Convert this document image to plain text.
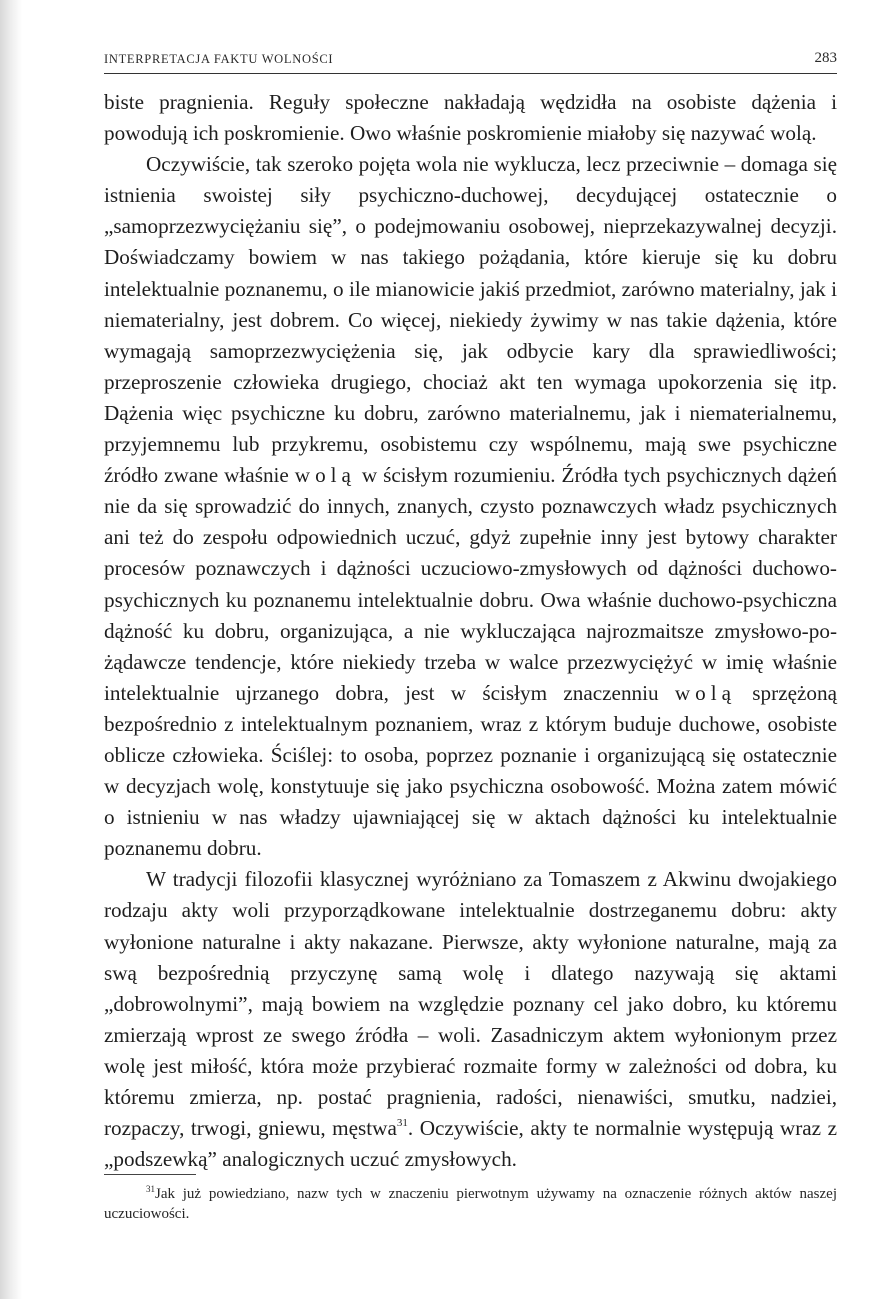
INTERPRETACJA FAKTU WOLNOŚCI	283

biste pragnienia. Reguły społeczne nakładają wędzidła na osobiste dążenia i powodują ich poskromienie. Owo właśnie poskromienie miałoby się nazywać wolą.

Oczywiście, tak szeroko pojęta wola nie wyklucza, lecz przeciwnie – domaga się istnienia swoistej siły psychiczno-duchowej, decydującej ostatecznie o „samoprzezwyciężaniu się”, o podejmowaniu osobowej, nieprzekazywalnej decyzji. Doświadczamy bowiem w nas takiego pożądania, które kieruje się ku dobru intelektualnie poznanemu, o ile mianowicie jakiś przedmiot, zarówno materialny, jak i niematerialny, jest dobrem. Co więcej, niekiedy żywimy w nas takie dążenia, które wymagają samoprzezwyciężenia się, jak odbycie kary dla sprawiedliwości; przeproszenie człowieka drugiego, chociaż akt ten wymaga upokorzenia się itp. Dążenia więc psychiczne ku dobru, zarówno materialnemu, jak i niematerialnemu, przyjemnemu lub przykremu, osobistemu czy wspólnemu, mają swe psychiczne źródło zwane właśnie wolą w ścisłym rozumieniu. Źródła tych psychicznych dążeń nie da się sprowadzić do innych, znanych, czysto poznawczych władz psychicznych ani też do zespołu odpowiednich uczuć, gdyż zupełnie inny jest bytowy charakter procesów poznawczych i dążności uczuciowo-zmysłowych od dążności duchowo-psychicznych ku poznanemu intelektualnie dobru. Owa właśnie duchowo-psychiczna dążność ku dobru, organizująca, a nie wykluczająca najrozmaitsze zmysłowo-pożądawcze tendencje, które niekiedy trzeba w walce przezwyciężyć w imię właśnie intelektualnie ujrzanego dobra, jest w ścisłym znaczenniu wolą sprzężoną bezpośrednio z intelektualnym poznaniem, wraz z którym buduje duchowe, osobiste oblicze człowieka. Ściślej: to osoba, poprzez poznanie i organizującą się ostatecznie w decyzjach wolę, konstytuuje się jako psychiczna osobowość. Można zatem mówić o istnieniu w nas władzy ujawniającej się w aktach dążności ku intelektualnie poznanemu dobru.

W tradycji filozofii klasycznej wyróżniano za Tomaszem z Akwinu dwojakiego rodzaju akty woli przyporządkowane intelektualnie dostrzeganemu dobru: akty wyłonione naturalne i akty nakazane. Pierwsze, akty wyłonione naturalne, mają za swą bezpośrednią przyczynę samą wolę i dlatego nazywają się aktami „dobrowolnymi”, mają bowiem na względzie poznany cel jako dobro, ku któremu zmierzają wprost ze swego źródła – woli. Zasadniczym aktem wyłonionym przez wolę jest miłość, która może przybierać rozmaite formy w zależności od dobra, ku któremu zmierza, np. postać pragnienia, radości, nienawiści, smutku, nadziei, rozpaczy, trwogi, gniewu, męstwa$^{31}$. Oczywiście, akty te normalnie występują wraz z „podszewką” analogicznych uczuć zmysłowych.

$^{31}$Jak już powiedziano, nazw tych w znaczeniu pierwotnym używamy na oznaczenie różnych aktów naszej uczuciowości.
